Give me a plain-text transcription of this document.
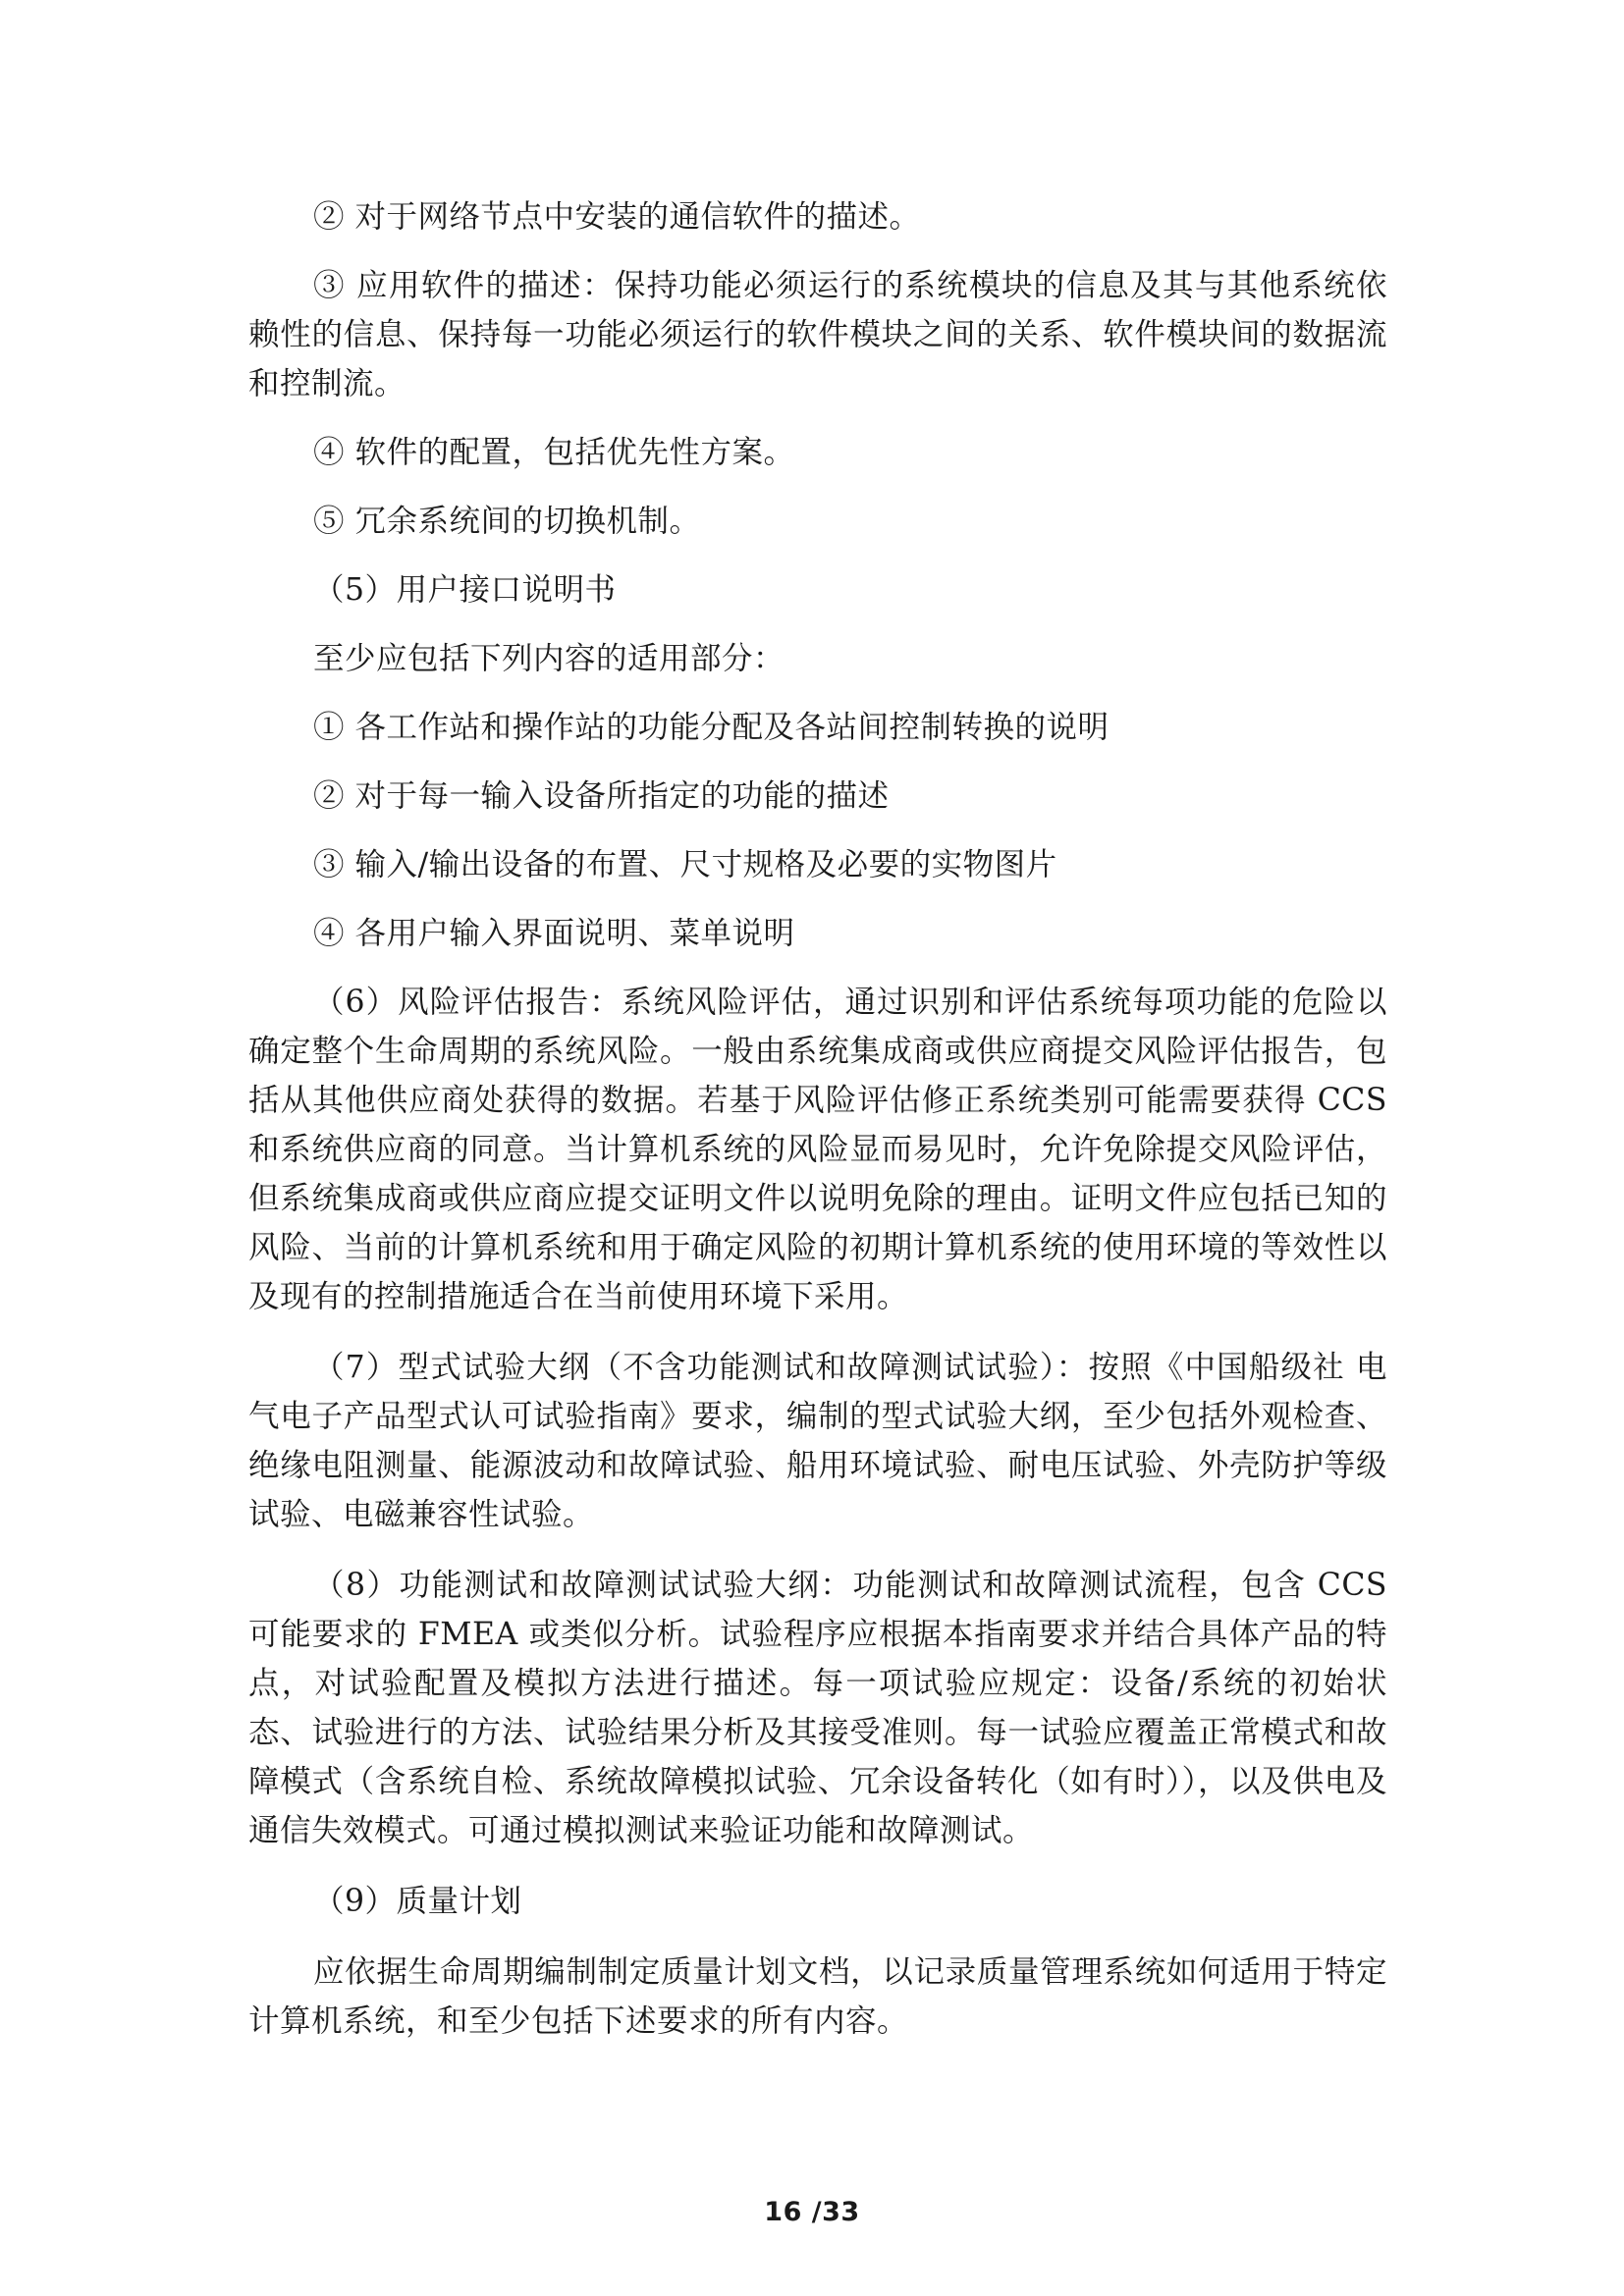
② 对于网络节点中安装的通信软件的描述。

③ 应用软件的描述：保持功能必须运行的系统模块的信息及其与其他系统依赖性的信息、保持每一功能必须运行的软件模块之间的关系、软件模块间的数据流和控制流。

④ 软件的配置，包括优先性方案。

⑤ 冗余系统间的切换机制。

（5）用户接口说明书

至少应包括下列内容的适用部分：

① 各工作站和操作站的功能分配及各站间控制转换的说明

② 对于每一输入设备所指定的功能的描述

③ 输入/输出设备的布置、尺寸规格及必要的实物图片

④ 各用户输入界面说明、菜单说明

（6）风险评估报告：系统风险评估，通过识别和评估系统每项功能的危险以确定整个生命周期的系统风险。一般由系统集成商或供应商提交风险评估报告，包括从其他供应商处获得的数据。若基于风险评估修正系统类别可能需要获得 CCS 和系统供应商的同意。当计算机系统的风险显而易见时，允许免除提交风险评估，但系统集成商或供应商应提交证明文件以说明免除的理由。证明文件应包括已知的风险、当前的计算机系统和用于确定风险的初期计算机系统的使用环境的等效性以及现有的控制措施适合在当前使用环境下采用。

（7）型式试验大纲（不含功能测试和故障测试试验）：按照《中国船级社 电气电子产品型式认可试验指南》要求，编制的型式试验大纲，至少包括外观检查、绝缘电阻测量、能源波动和故障试验、船用环境试验、耐电压试验、外壳防护等级试验、电磁兼容性试验。

（8）功能测试和故障测试试验大纲：功能测试和故障测试流程，包含 CCS 可能要求的 FMEA 或类似分析。试验程序应根据本指南要求并结合具体产品的特点，对试验配置及模拟方法进行描述。每一项试验应规定：设备/系统的初始状态、试验进行的方法、试验结果分析及其接受准则。每一试验应覆盖正常模式和故障模式（含系统自检、系统故障模拟试验、冗余设备转化（如有时）），以及供电及通信失效模式。可通过模拟测试来验证功能和故障测试。

（9）质量计划

应依据生命周期编制制定质量计划文档，以记录质量管理系统如何适用于特定计算机系统，和至少包括下述要求的所有内容。

16 /33
